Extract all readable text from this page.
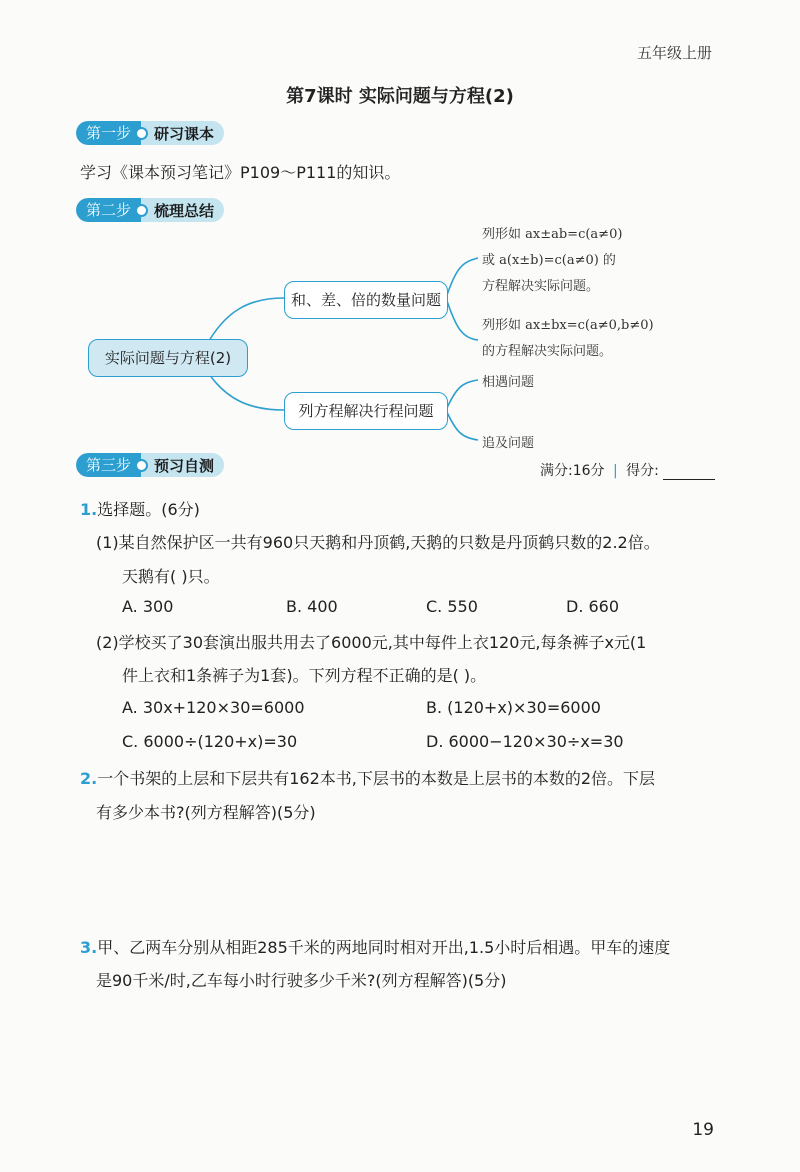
五年级上册
第7课时 实际问题与方程(2)
第一步	研习课本
学习《课本预习笔记》P109～P111的知识。
第二步	梳理总结
实际问题与方程(2)
和、差、倍的数量问题
列方程解决行程问题
列形如 ax±ab=c(a≠0)
或 a(x±b)=c(a≠0) 的
方程解决实际问题。
列形如 ax±bx=c(a≠0,b≠0)
的方程解决实际问题。
相遇问题
追及问题
第三步	预习自测	满分:16分 | 得分:
1.选择题。(6分)
(1)某自然保护区一共有960只天鹅和丹顶鹤,天鹅的只数是丹顶鹤只数的2.2倍。
天鹅有( )只。
A. 300	B. 400	C. 550	D. 660
(2)学校买了30套演出服共用去了6000元,其中每件上衣120元,每条裤子x元(1
件上衣和1条裤子为1套)。下列方程不正确的是( )。
A. 30x+120×30=6000	B. (120+x)×30=6000
C. 6000÷(120+x)=30	D. 6000−120×30÷x=30
2.一个书架的上层和下层共有162本书,下层书的本数是上层书的本数的2倍。下层
有多少本书?(列方程解答)(5分)
3.甲、乙两车分别从相距285千米的两地同时相对开出,1.5小时后相遇。甲车的速度
是90千米/时,乙车每小时行驶多少千米?(列方程解答)(5分)
19
